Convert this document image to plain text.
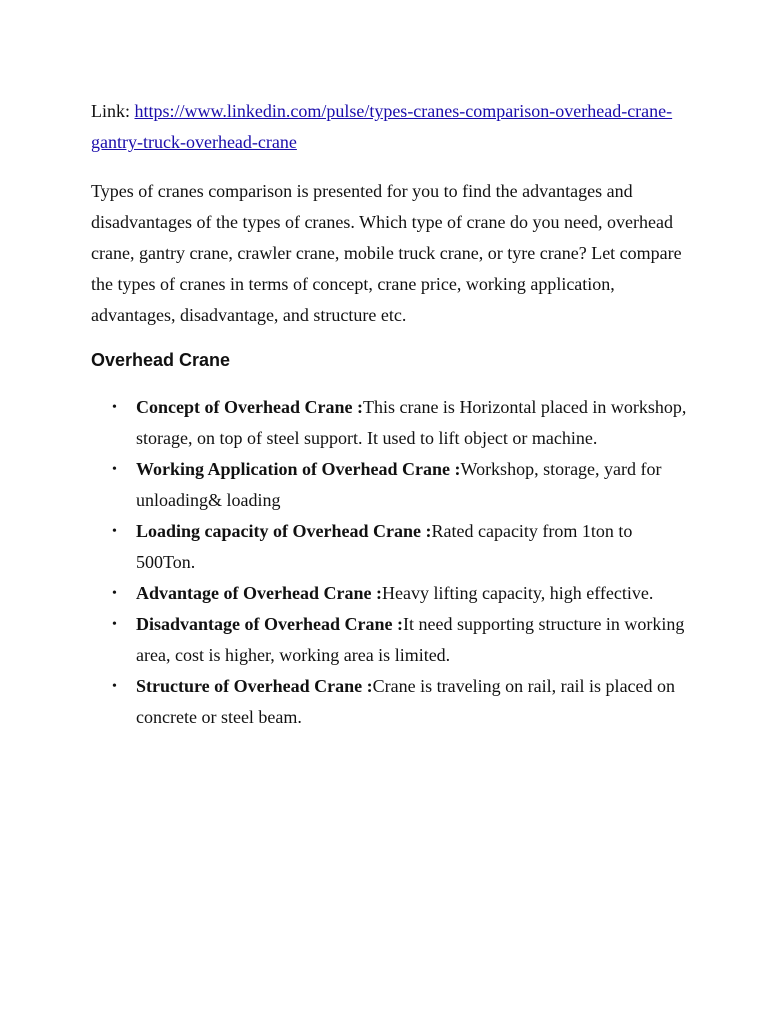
Link: https://www.linkedin.com/pulse/types-cranes-comparison-overhead-crane-gantry-truck-overhead-crane

Types of cranes comparison is presented for you to find the advantages and disadvantages of the types of cranes. Which type of crane do you need, overhead crane, gantry crane, crawler crane, mobile truck crane, or tyre crane? Let compare the types of cranes in terms of concept, crane price, working application, advantages, disadvantage, and structure etc.

Overhead Crane
• Concept of Overhead Crane :This crane is Horizontal placed in workshop, storage, on top of steel support. It used to lift object or machine.
• Working Application of Overhead Crane :Workshop, storage, yard for unloading& loading
• Loading capacity of Overhead Crane :Rated capacity from 1ton to 500Ton.
• Advantage of Overhead Crane :Heavy lifting capacity, high effective.
• Disadvantage of Overhead Crane :It need supporting structure in working area, cost is higher, working area is limited.
• Structure of Overhead Crane :Crane is traveling on rail, rail is placed on concrete or steel beam.
